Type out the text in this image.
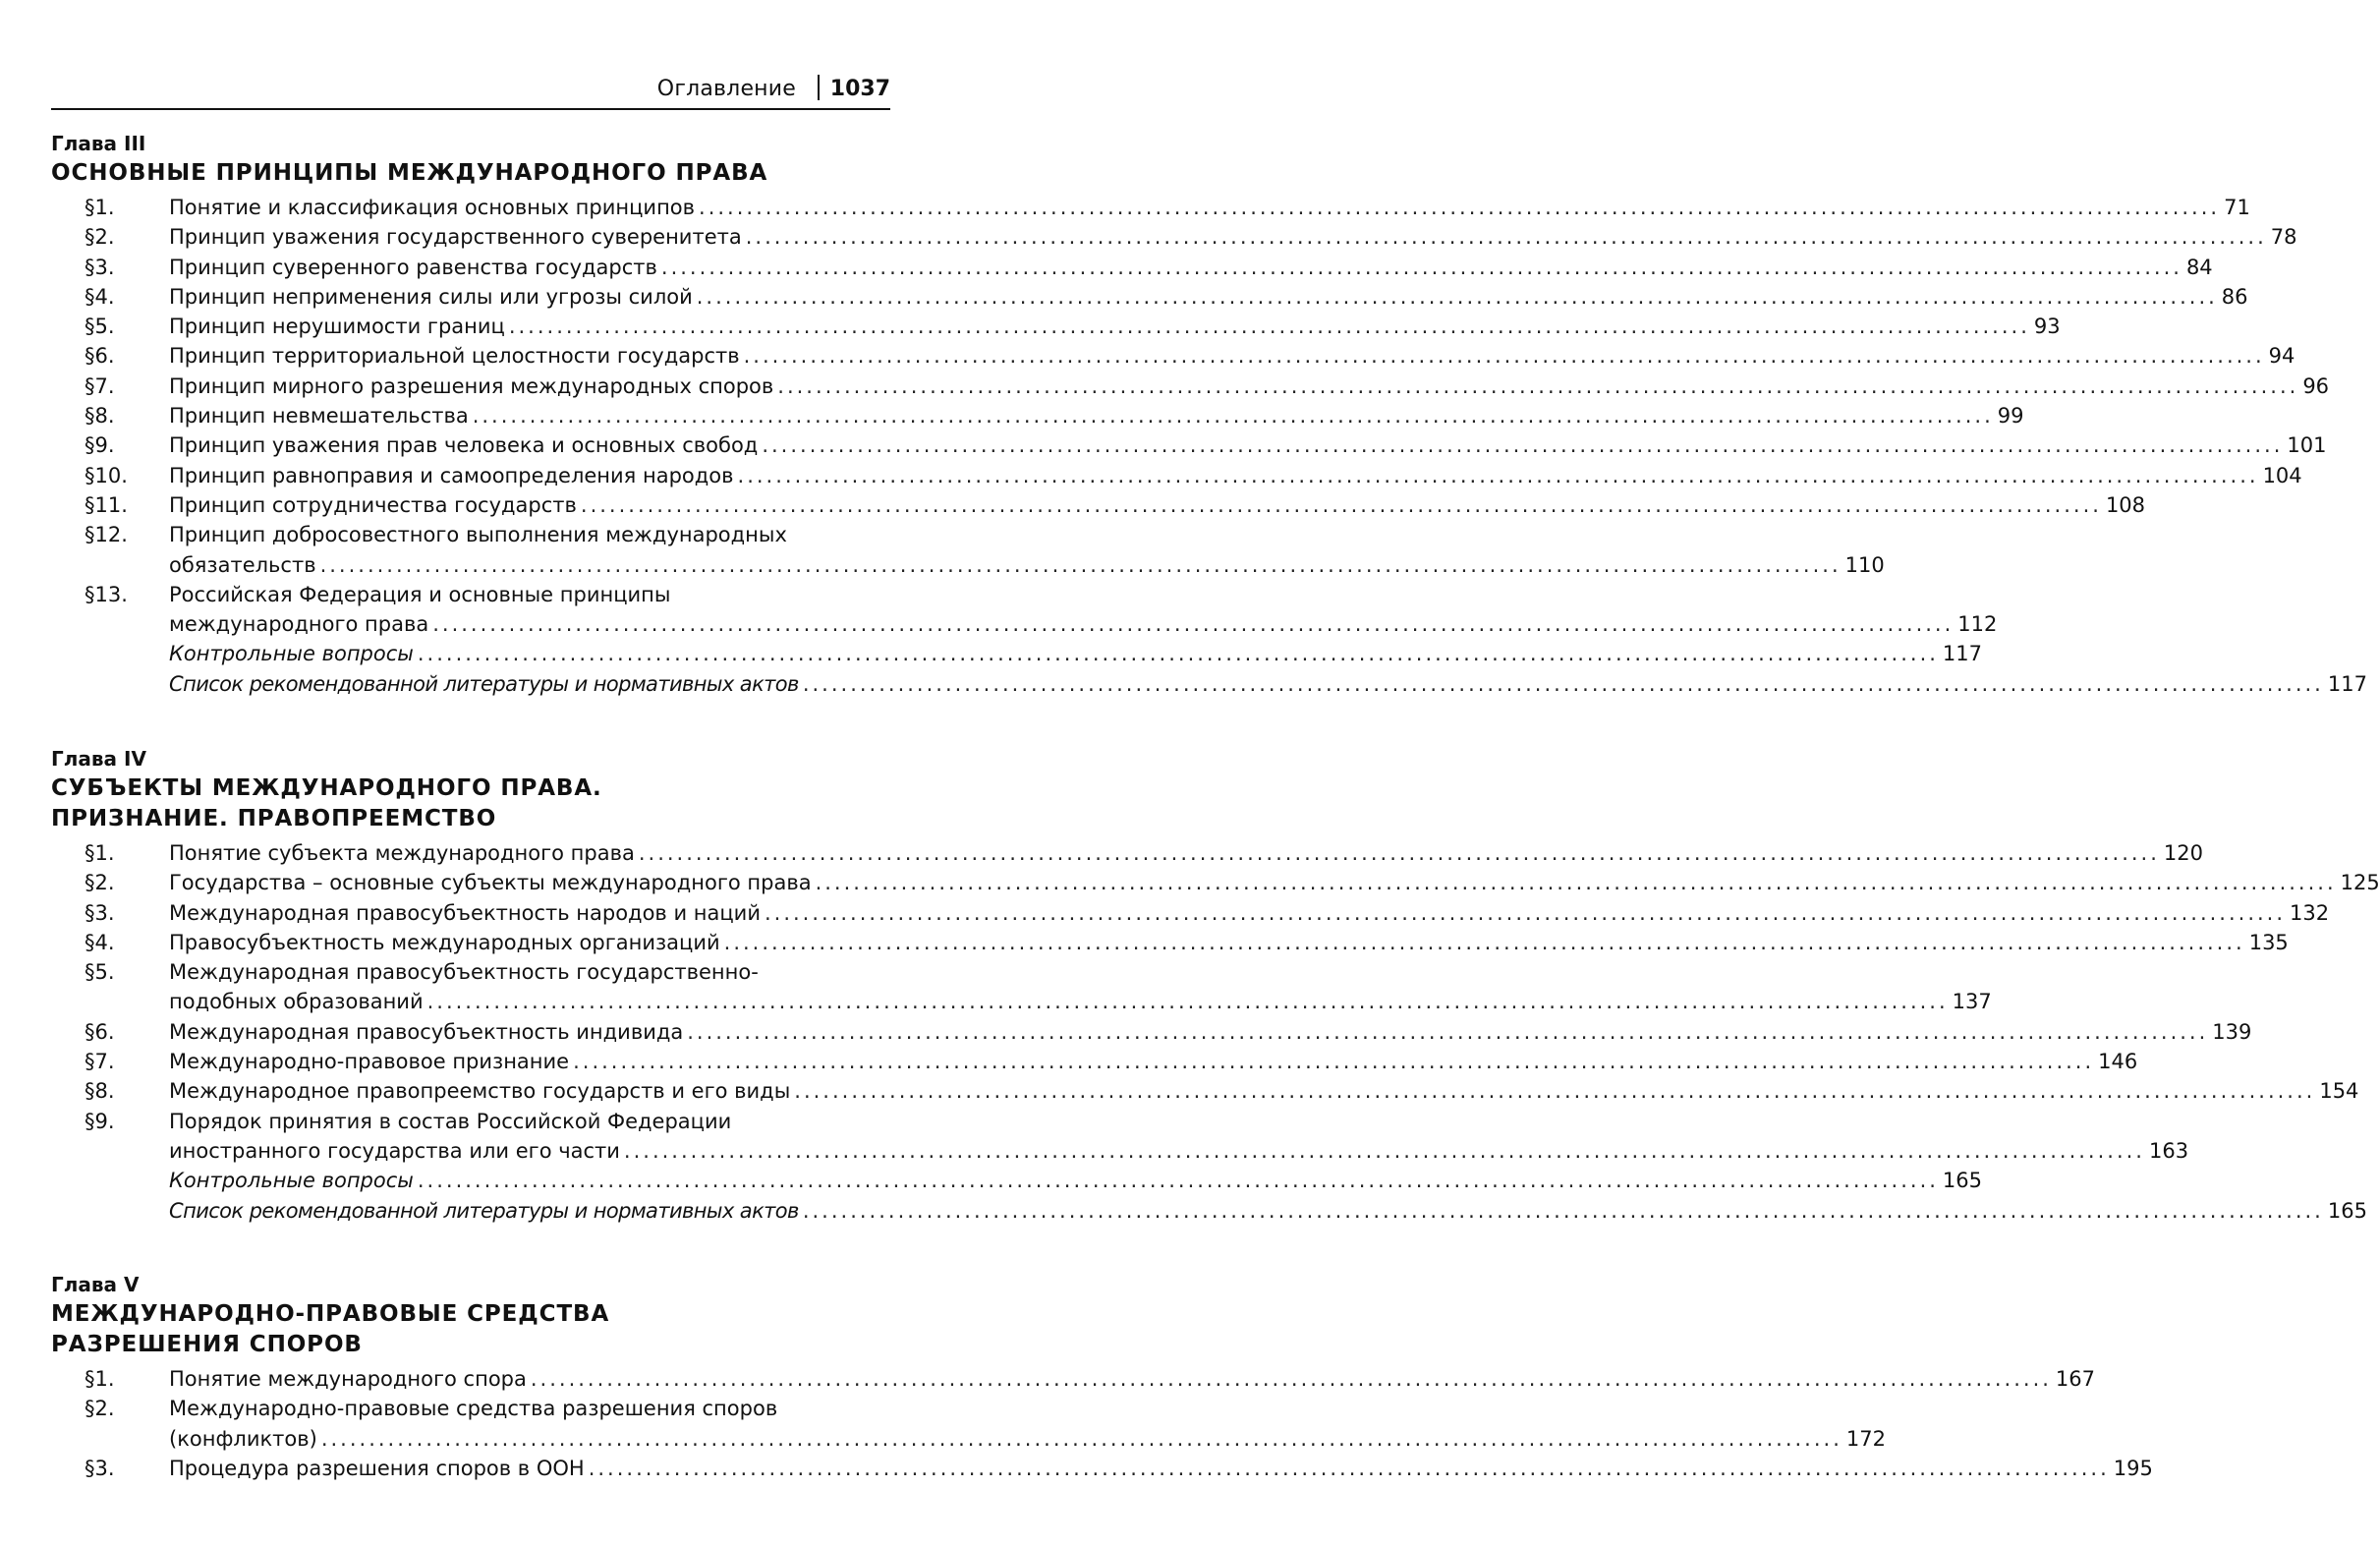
Оглавление 1037
Глава III
ОСНОВНЫЕ ПРИНЦИПЫ МЕЖДУНАРОДНОГО ПРАВА
§1.	Понятие и классификация основных принципов ................................................................................................................................................................ 71
§2.	Принцип уважения государственного суверенитета ................................................................................................................................................................ 78
§3.	Принцип суверенного равенства государств ................................................................................................................................................................ 84
§4.	Принцип неприменения силы или угрозы силой ................................................................................................................................................................ 86
§5.	Принцип нерушимости границ ................................................................................................................................................................ 93
§6.	Принцип территориальной целостности государств ................................................................................................................................................................ 94
§7.	Принцип мирного разрешения международных споров ................................................................................................................................................................ 96
§8.	Принцип невмешательства ................................................................................................................................................................ 99
§9.	Принцип уважения прав человека и основных свобод ................................................................................................................................................................ 101
§10.	Принцип равноправия и самоопределения народов ................................................................................................................................................................ 104
§11.	Принцип сотрудничества государств ................................................................................................................................................................ 108
§12.	Принцип добросовестного выполнения международных
обязательств ................................................................................................................................................................ 110
§13.	Российская Федерация и основные принципы
международного права ................................................................................................................................................................ 112
Контрольные вопросы ................................................................................................................................................................ 117
Список рекомендованной литературы и нормативных актов ................................................................................................................................................................ 117
Глава IV
СУБЪЕКТЫ МЕЖДУНАРОДНОГО ПРАВА.
ПРИЗНАНИЕ. ПРАВОПРЕЕМСТВО
§1.	Понятие субъекта международного права ................................................................................................................................................................ 120
§2.	Государства – основные субъекты международного права ................................................................................................................................................................ 125
§3.	Международная правосубъектность народов и наций ................................................................................................................................................................ 132
§4.	Правосубъектность международных организаций ................................................................................................................................................................ 135
§5.	Международная правосубъектность государственно-
подобных образований ................................................................................................................................................................ 137
§6.	Международная правосубъектность индивида ................................................................................................................................................................ 139
§7.	Международно-правовое признание ................................................................................................................................................................ 146
§8.	Международное правопреемство государств и его виды ................................................................................................................................................................ 154
§9.	Порядок принятия в состав Российской Федерации
иностранного государства или его части ................................................................................................................................................................ 163
Контрольные вопросы ................................................................................................................................................................ 165
Список рекомендованной литературы и нормативных актов ................................................................................................................................................................ 165
Глава V
МЕЖДУНАРОДНО-ПРАВОВЫЕ СРЕДСТВА
РАЗРЕШЕНИЯ СПОРОВ
§1.	Понятие международного спора ................................................................................................................................................................ 167
§2.	Международно-правовые средства разрешения споров
(конфликтов) ................................................................................................................................................................ 172
§3.	Процедура разрешения споров в ООН ................................................................................................................................................................ 195
